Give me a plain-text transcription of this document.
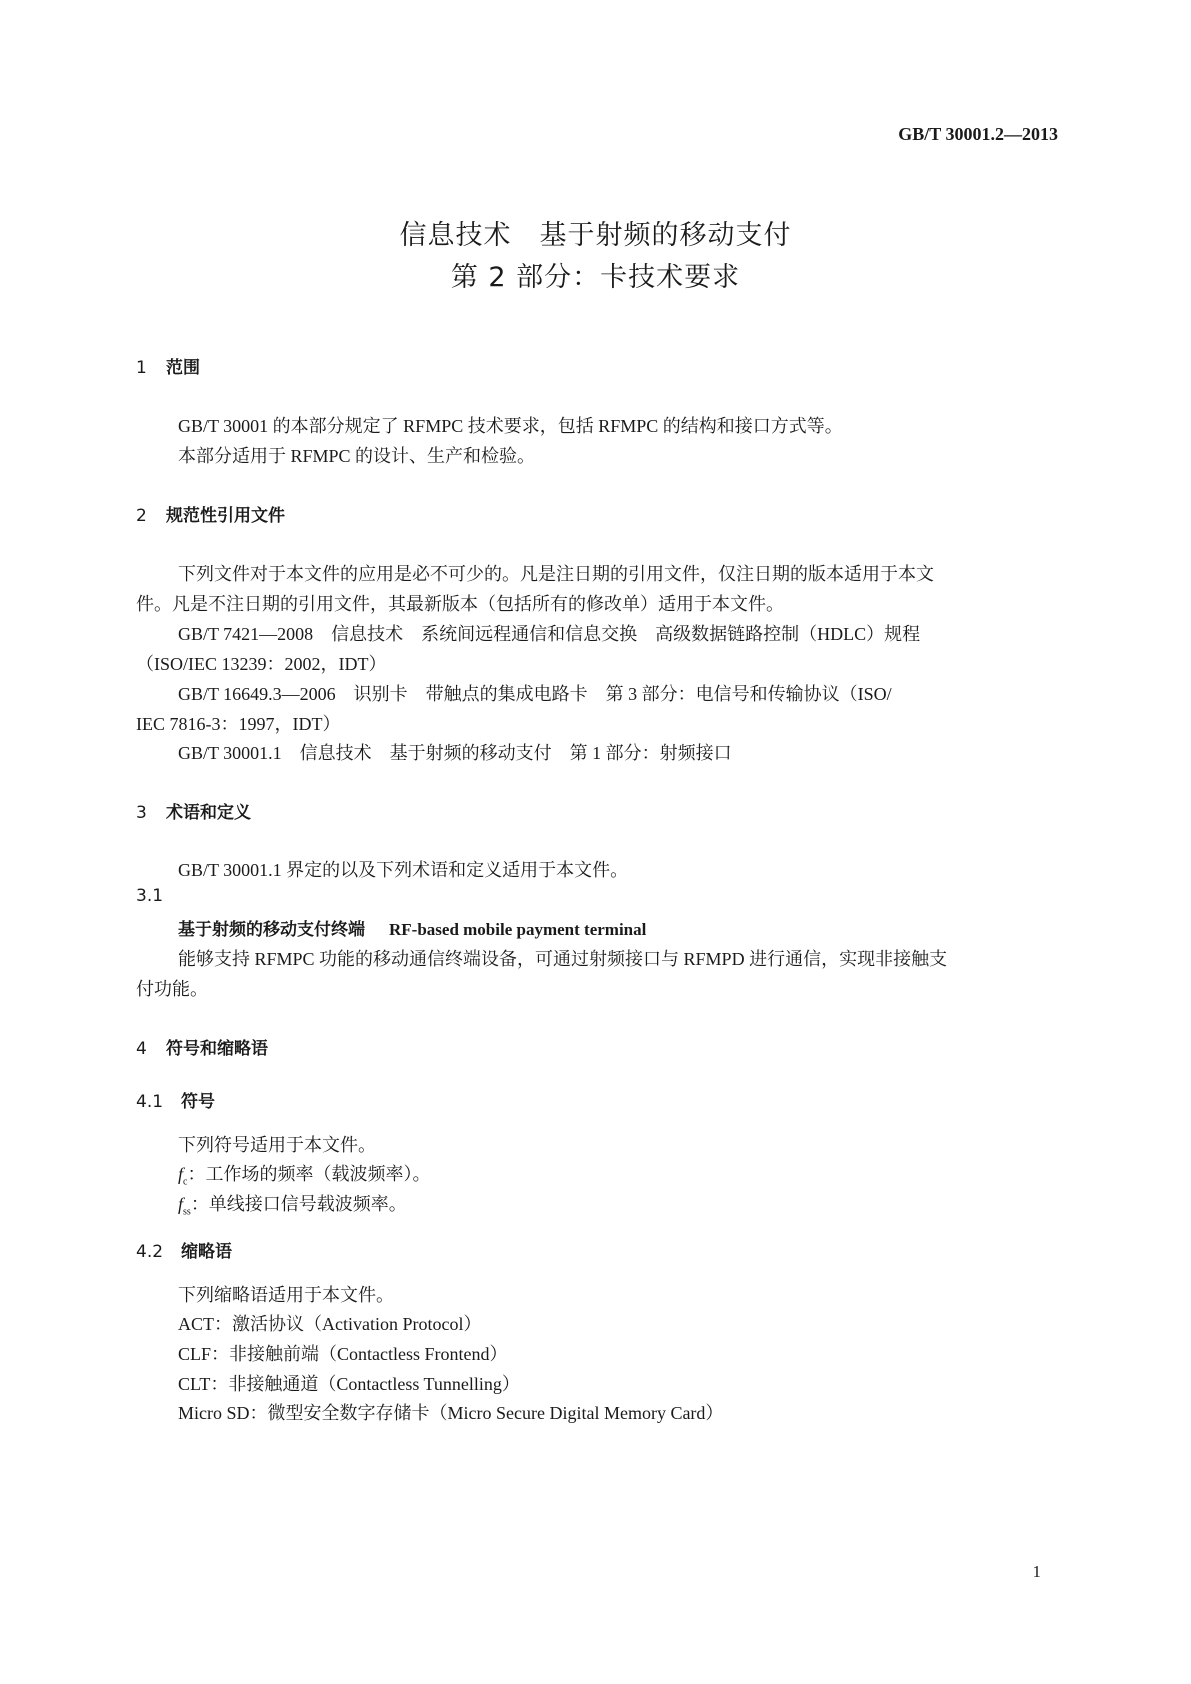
GB/T 30001.2—2013
信息技术　基于射频的移动支付
第 2 部分：卡技术要求
1 范围
GB/T 30001 的本部分规定了 RFMPC 技术要求，包括 RFMPC 的结构和接口方式等。
本部分适用于 RFMPC 的设计、生产和检验。
2 规范性引用文件
下列文件对于本文件的应用是必不可少的。凡是注日期的引用文件，仅注日期的版本适用于本文
件。凡是不注日期的引用文件，其最新版本（包括所有的修改单）适用于本文件。
GB/T 7421—2008　信息技术　系统间远程通信和信息交换　高级数据链路控制（HDLC）规程
（ISO/IEC 13239：2002，IDT）
GB/T 16649.3—2006　识别卡　带触点的集成电路卡　第 3 部分：电信号和传输协议（ISO/
IEC 7816-3：1997，IDT）
GB/T 30001.1　信息技术　基于射频的移动支付　第 1 部分：射频接口
3 术语和定义
GB/T 30001.1 界定的以及下列术语和定义适用于本文件。
3.1
基于射频的移动支付终端 RF-based mobile payment terminal
能够支持 RFMPC 功能的移动通信终端设备，可通过射频接口与 RFMPD 进行通信，实现非接触支
付功能。
4 符号和缩略语
4.1 符号
下列符号适用于本文件。
$f_c$：工作场的频率（载波频率）。
$f_{ss}$：单线接口信号载波频率。
4.2 缩略语
下列缩略语适用于本文件。
ACT：激活协议（Activation Protocol）
CLF：非接触前端（Contactless Frontend）
CLT：非接触通道（Contactless Tunnelling）
Micro SD：微型安全数字存储卡（Micro Secure Digital Memory Card）
1
